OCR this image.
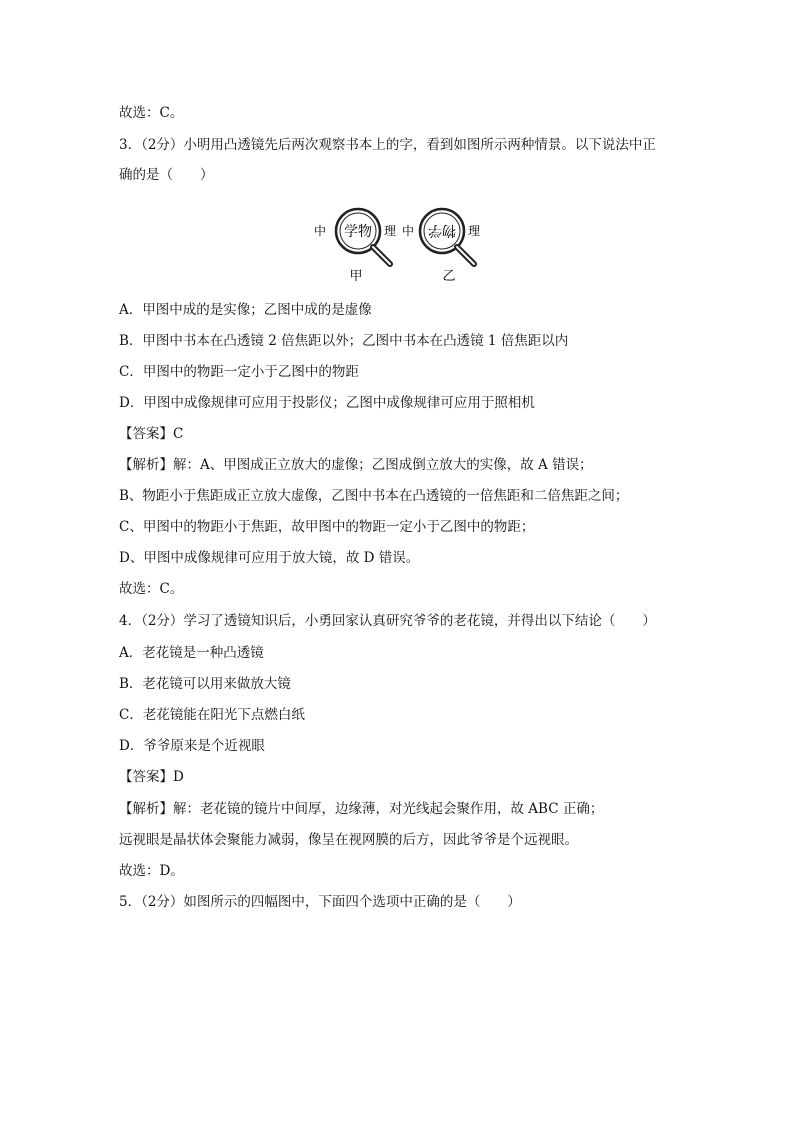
故选：C。
3．（2分）小明用凸透镜先后两次观察书本上的字，看到如图所示两种情景。以下说法中正
确的是（　　）
中 学物 理
甲
中 物学 理
乙
A．甲图中成的是实像；乙图中成的是虚像
B．甲图中书本在凸透镜 2 倍焦距以外；乙图中书本在凸透镜 1 倍焦距以内
C．甲图中的物距一定小于乙图中的物距
D．甲图中成像规律可应用于投影仪；乙图中成像规律可应用于照相机
【答案】C
【解析】解：A、甲图成正立放大的虚像；乙图成倒立放大的实像，故 A 错误；
B、物距小于焦距成正立放大虚像，乙图中书本在凸透镜的一倍焦距和二倍焦距之间；
C、甲图中的物距小于焦距，故甲图中的物距一定小于乙图中的物距；
D、甲图中成像规律可应用于放大镜，故 D 错误。
故选：C。
4．（2分）学习了透镜知识后，小勇回家认真研究爷爷的老花镜，并得出以下结论（　　）
A．老花镜是一种凸透镜
B．老花镜可以用来做放大镜
C．老花镜能在阳光下点燃白纸
D．爷爷原来是个近视眼
【答案】D
【解析】解：老花镜的镜片中间厚，边缘薄，对光线起会聚作用，故 ABC 正确；
远视眼是晶状体会聚能力减弱，像呈在视网膜的后方，因此爷爷是个远视眼。
故选：D。
5．（2分）如图所示的四幅图中，下面四个选项中正确的是（　　）
